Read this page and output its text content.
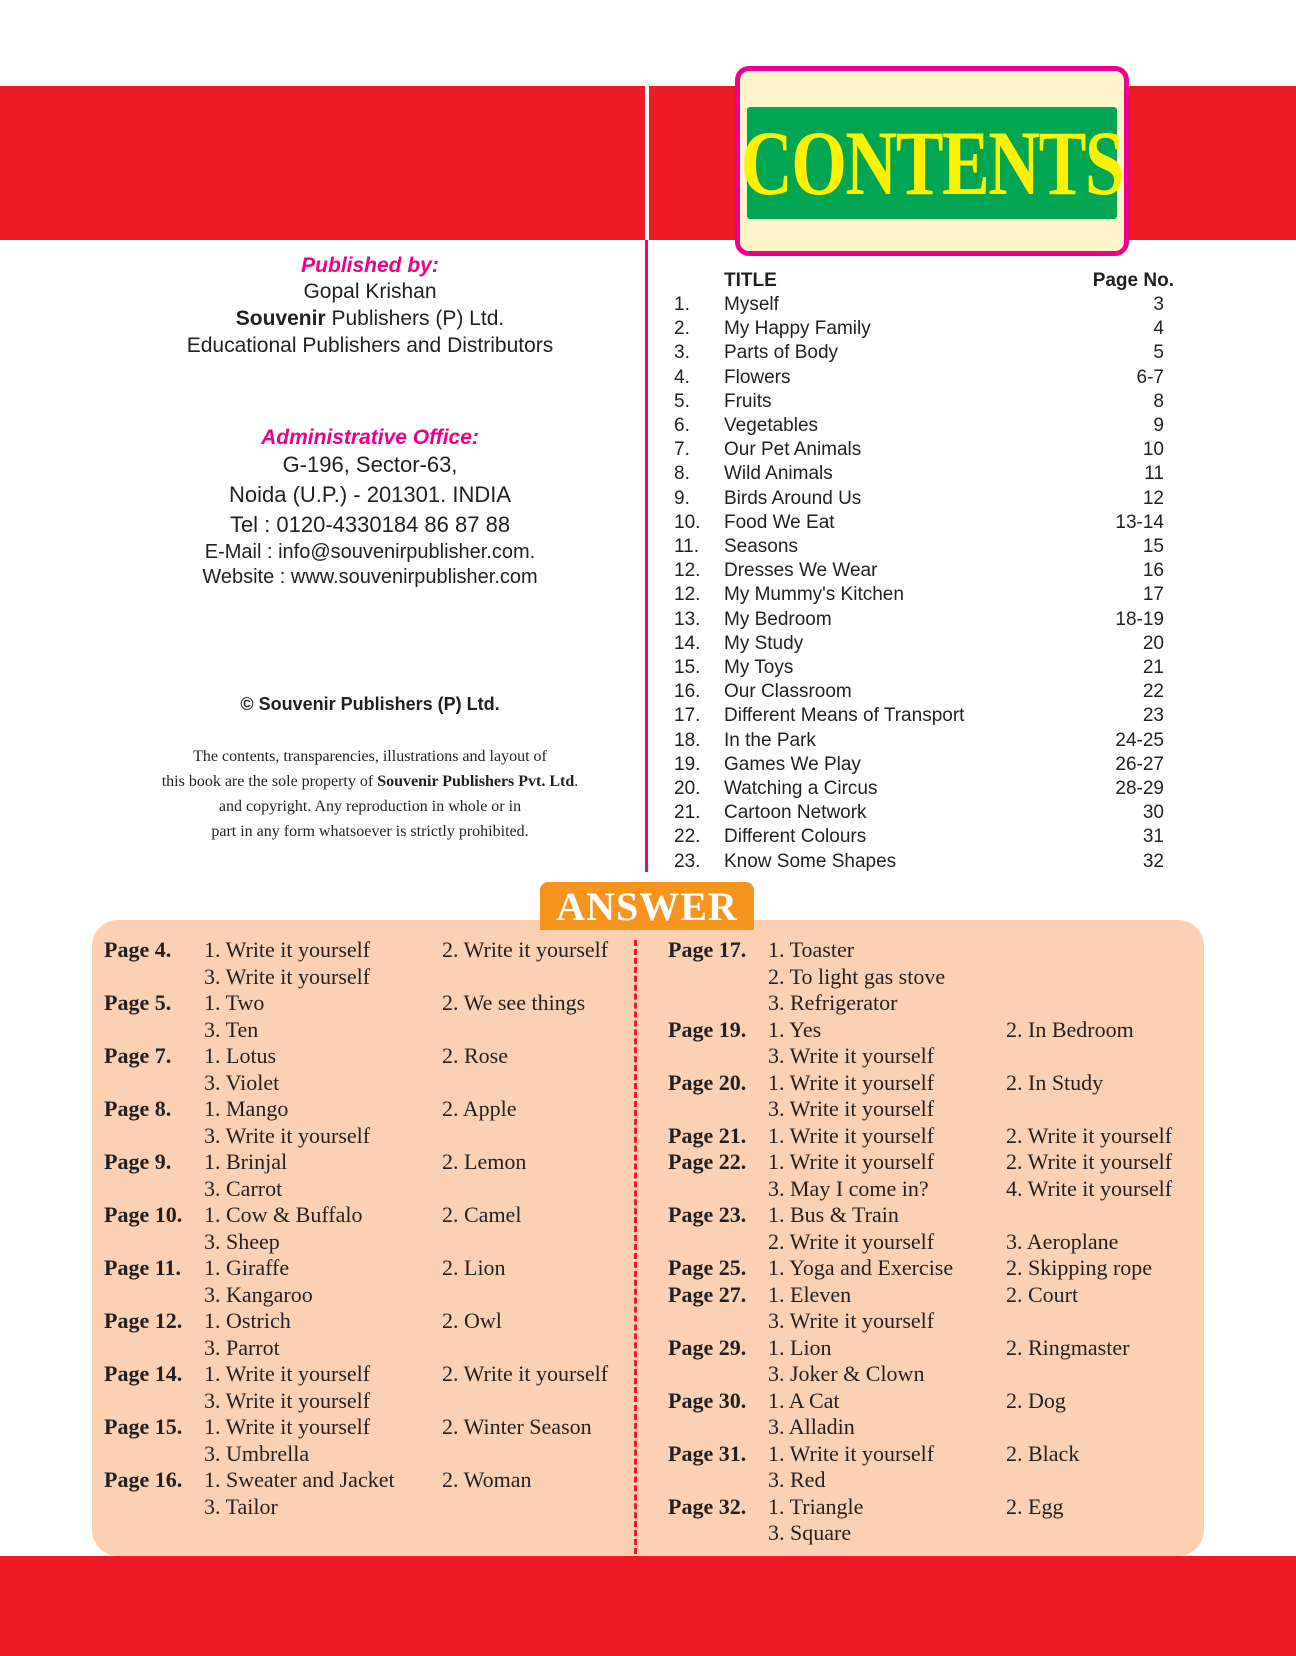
CONTENTS
Published by:
Gopal Krishan
Souvenir Publishers (P) Ltd.
Educational Publishers and Distributors
Administrative Office:
G-196, Sector-63,
Noida (U.P.) - 201301. INDIA
Tel : 0120-4330184 86 87 88
E-Mail : info@souvenirpublisher.com.
Website : www.souvenirpublisher.com
© Souvenir Publishers (P) Ltd.
The contents, transparencies, illustrations and layout of
this book are the sole property of Souvenir Publishers Pvt. Ltd.
and copyright. Any reproduction in whole or in
part in any form whatsoever is strictly prohibited.
TITLE	Page No.
1. Myself	3
2. My Happy Family	4
3. Parts of Body	5
4. Flowers	6-7
5. Fruits	8
6. Vegetables	9
7. Our Pet Animals	10
8. Wild Animals	11
9. Birds Around Us	12
10. Food We Eat	13-14
11. Seasons	15
12. Dresses We Wear	16
12. My Mummy's Kitchen	17
13. My Bedroom	18-19
14. My Study	20
15. My Toys	21
16. Our Classroom	22
17. Different Means of Transport	23
18. In the Park	24-25
19. Games We Play	26-27
20. Watching a Circus	28-29
21. Cartoon Network	30
22. Different Colours	31
23. Know Some Shapes	32
ANSWER
Page 4. 1. Write it yourself	2. Write it yourself
3. Write it yourself
Page 5. 1. Two	2. We see things
3. Ten
Page 7. 1. Lotus	2. Rose
3. Violet
Page 8. 1. Mango	2. Apple
3. Write it yourself
Page 9. 1. Brinjal	2. Lemon
3. Carrot
Page 10. 1. Cow & Buffalo	2. Camel
3. Sheep
Page 11. 1. Giraffe	2. Lion
3. Kangaroo
Page 12. 1. Ostrich	2. Owl
3. Parrot
Page 14. 1. Write it yourself	2. Write it yourself
3. Write it yourself
Page 15. 1. Write it yourself	2. Winter Season
3. Umbrella
Page 16. 1. Sweater and Jacket 2. Woman
3. Tailor
Page 17. 1. Toaster
2. To light gas stove
3. Refrigerator
Page 19. 1. Yes	2. In Bedroom
3. Write it yourself
Page 20. 1. Write it yourself	2. In Study
3. Write it yourself
Page 21. 1. Write it yourself	2. Write it yourself
Page 22. 1. Write it yourself	2. Write it yourself
3. May I come in?	4. Write it yourself
Page 23. 1. Bus & Train
2. Write it yourself	3. Aeroplane
Page 25. 1. Yoga and Exercise 2. Skipping rope
Page 27. 1. Eleven	2. Court
3. Write it yourself
Page 29. 1. Lion	2. Ringmaster
3. Joker & Clown
Page 30. 1. A Cat	2. Dog
3. Alladin
Page 31. 1. Write it yourself	2. Black
3. Red
Page 32. 1. Triangle	2. Egg
3. Square
